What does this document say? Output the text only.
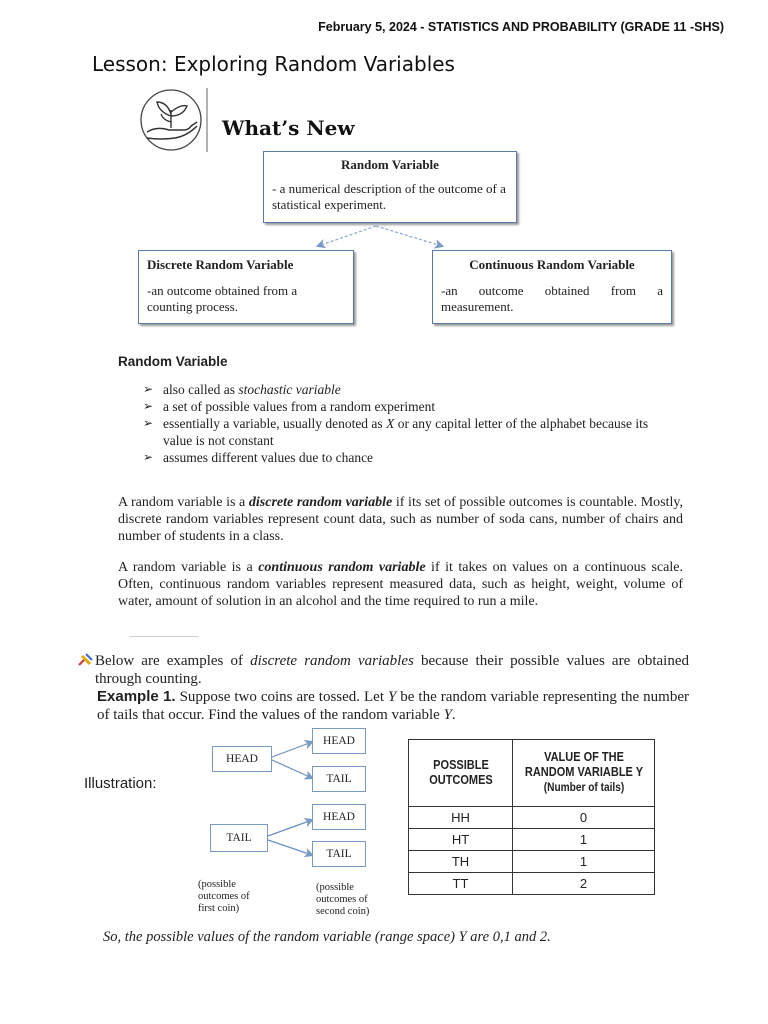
February 5, 2024 - STATISTICS AND PROBABILITY (GRADE 11 -SHS)
Lesson: Exploring Random Variables
What’s New
Random Variable
- a numerical description of the outcome of a statistical experiment.
Discrete Random Variable
-an outcome obtained from a counting process.
Continuous Random Variable
-an outcome obtained from a measurement.
Random Variable
➢ also called as stochastic variable
➢ a set of possible values from a random experiment
➢ essentially a variable, usually denoted as X or any capital letter of the alphabet because its value is not constant
➢ assumes different values due to chance

A random variable is a discrete random variable if its set of possible outcomes is countable. Mostly, discrete random variables represent count data, such as number of soda cans, number of chairs and number of students in a class.

A random variable is a continuous random variable if it takes on values on a continuous scale. Often, continuous random variables represent measured data, such as height, weight, volume of water, amount of solution in an alcohol and the time required to run a mile.

Below are examples of discrete random variables because their possible values are obtained through counting.

Example 1. Suppose two coins are tossed. Let Y be the random variable representing the number of tails that occur. Find the values of the random variable Y.

Illustration:
HEAD
HEAD
TAIL
TAIL
HEAD
TAIL
(possible outcomes of first coin)
(possible outcomes of second coin)
POSSIBLE OUTCOMES	VALUE OF THE RANDOM VARIABLE Y
(Number of tails)
HH	0
HT	1
TH	1
TT	2
So, the possible values of the random variable (range space) Y are 0,1 and 2.
